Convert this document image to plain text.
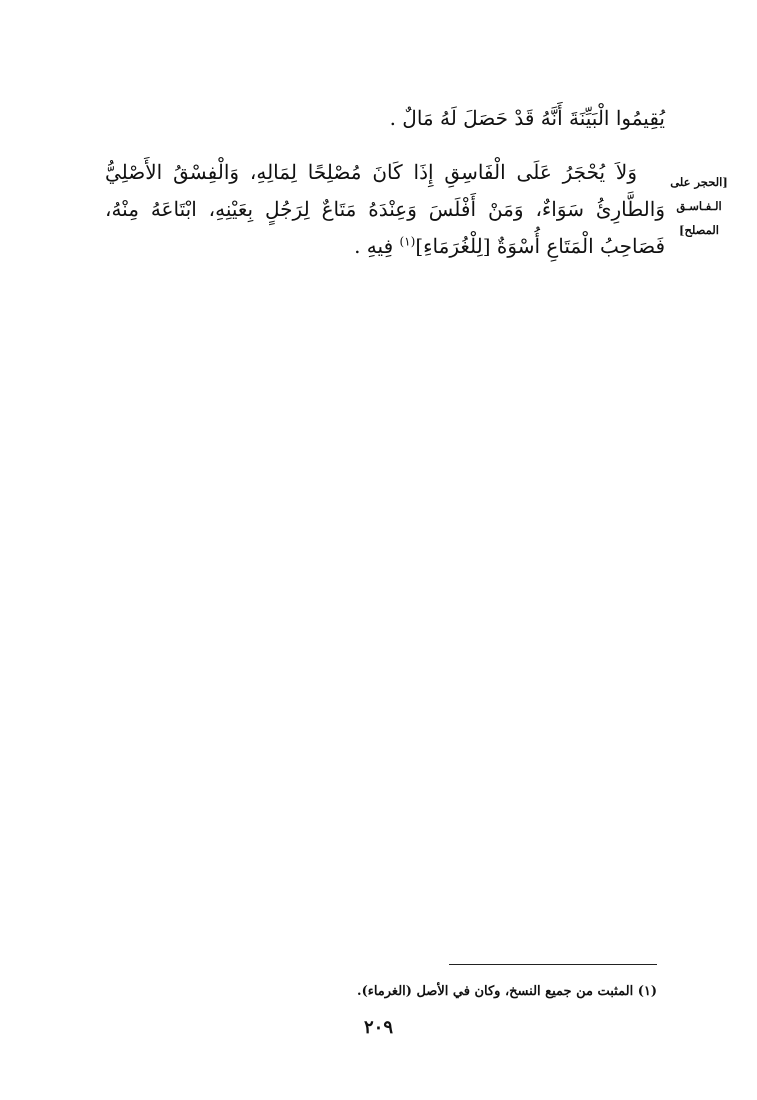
يُقِيمُوا الْبَيِّنَةَ أَنَّهُ قَدْ حَصَلَ لَهُ مَالٌ .

وَلاَ يُحْجَرُ عَلَى الْفَاسِقِ إِذَا كَانَ مُصْلِحًا لِمَالِهِ، وَالْفِسْقُ الأَصْلِيُّ وَالطَّارِئُ سَوَاءٌ، وَمَنْ أَفْلَسَ وَعِنْدَهُ مَتَاعٌ لِرَجُلٍ بِعَيْنِهِ، ابْتَاعَهُ مِنْهُ، فَصَاحِبُ الْمَتَاعِ أُسْوَةٌ [لِلْغُرَمَاءِ]$^{(١)}$ فِيهِ .

[الحجر على
الـفـاسـق
المصلح]
(١) المثبت من جميع النسخ، وكان في الأصل (الغرماء).
٢٠٩
